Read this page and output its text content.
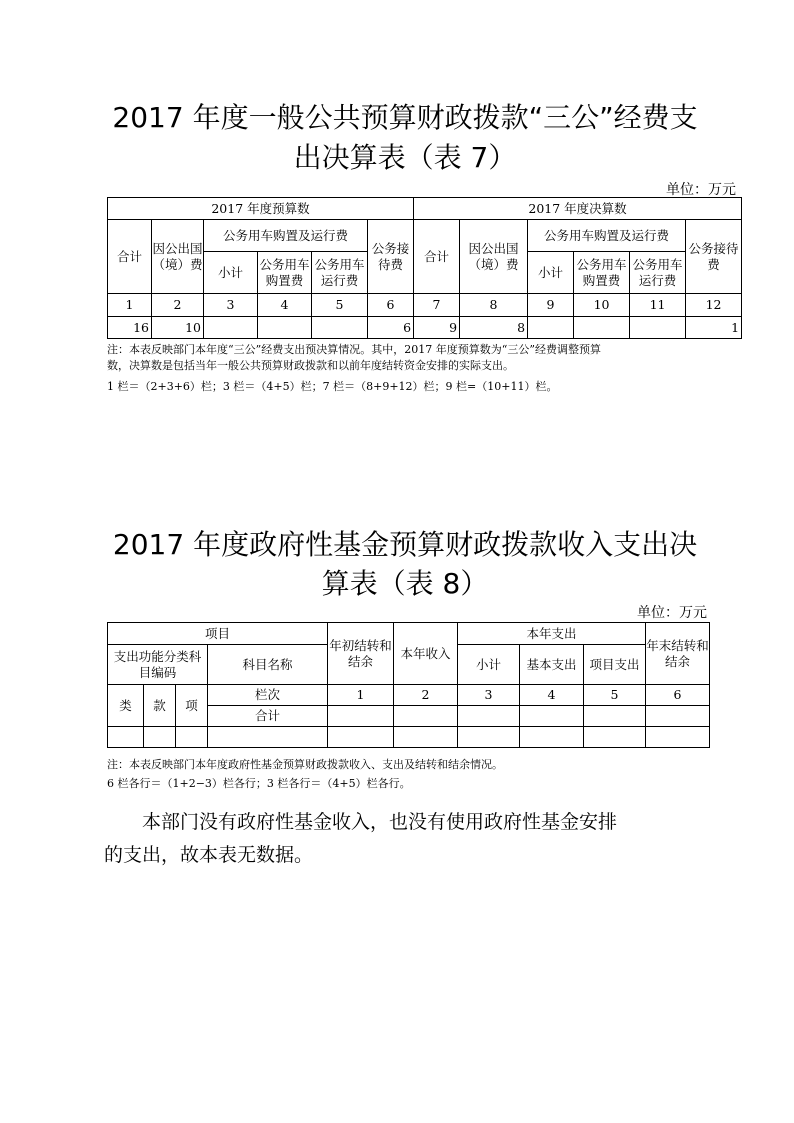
2017 年度一般公共预算财政拨款“三公”经费支
出决算表（表 7）
单位：万元
2017 年度预算数						2017 年度决算数					
合计	因公出国（境）费	公务用车购置及运行费			公务接待费	合计	因公出国（境）费	公务用车购置及运行费			公务接待费
		小计	公务用车购置费	公务用车运行费				小计	公务用车购置费	公务用车运行费	
1	2	3	4	5	6	7	8	9	10	11	12
16	10				6	9	8				1
注：本表反映部门本年度“三公”经费支出预决算情况。其中，2017 年度预算数为“三公”经费调整预算
数，决算数是包括当年一般公共预算财政拨款和以前年度结转资金安排的实际支出。
1 栏＝（2+3+6）栏；3 栏＝（4+5）栏；7 栏＝（8+9+12）栏；9 栏=（10+11）栏。
2017 年度政府性基金预算财政拨款收入支出决
算表（表 8）
单位：万元
项目				年初结转和结余	本年收入	本年支出			年末结转和结余
支出功能分类科目编码			科目名称			小计	基本支出	项目支出	
类	款	项	栏次	1	2	3	4	5	6
			合计						

注：本表反映部门本年度政府性基金预算财政拨款收入、支出及结转和结余情况。
6 栏各行＝（1+2−3）栏各行；3 栏各行＝（4+5）栏各行。
本部门没有政府性基金收入，也没有使用政府性基金安排
的支出，故本表无数据。
